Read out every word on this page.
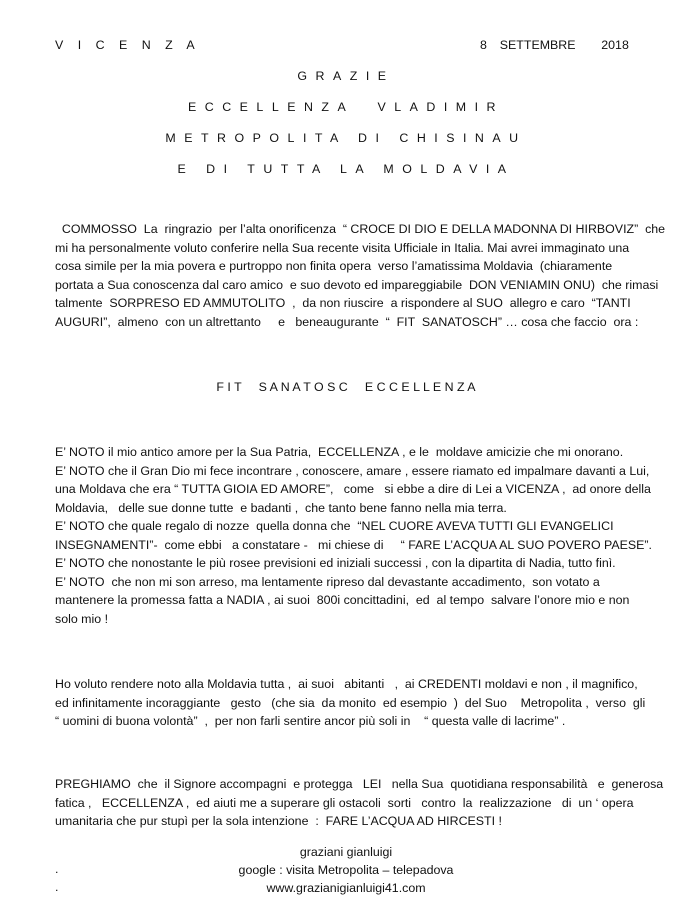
V I C E N Z A	8  SETTEMBRE    2018
GRAZIE
ECCELLENZA  VLADIMIR
METROPOLITA DI CHISINAU
E DI TUTTA LA MOLDAVIA
COMMOSSO  La  ringrazio  per l’alta onorificenza  “ CROCE DI DIO E DELLA MADONNA DI HIRBOVIZ”  che
mi ha personalmente voluto conferire nella Sua recente visita Ufficiale in Italia. Mai avrei immaginato una
cosa simile per la mia povera e purtroppo non finita opera  verso l’amatissima Moldavia  (chiaramente
portata a Sua conoscenza dal caro amico  e suo devoto ed impareggiabile  DON VENIAMIN ONU)  che rimasi
talmente  SORPRESO ED AMMUTOLITO  ,  da non riuscire  a rispondere al SUO  allegro e caro  “TANTI
AUGURI”,  almeno  con un altrettanto     e   beneaugurante  “  FIT  SANATOSCH” … cosa che faccio  ora :
F I T     S A N A T O S C     E C C E L L E N Z A
E’ NOTO il mio antico amore per la Sua Patria,  ECCELLENZA , e le  moldave amicizie che mi onorano.
E’ NOTO che il Gran Dio mi fece incontrare , conoscere, amare , essere riamato ed impalmare davanti a Lui,
una Moldava che era “ TUTTA GIOIA ED AMORE”,   come   si ebbe a dire di Lei a VICENZA ,  ad onore della
Moldavia,   delle sue donne tutte  e badanti ,  che tanto bene fanno nella mia terra.
E’ NOTO che quale regalo di nozze  quella donna che  “NEL CUORE AVEVA TUTTI GLI EVANGELICI
INSEGNAMENTI”-  come ebbi   a constatare -   mi chiese di     “ FARE L’ACQUA AL SUO POVERO PAESE”.
E’ NOTO che nonostante le più rosee previsioni ed iniziali successi , con la dipartita di Nadia, tutto finì.
E’ NOTO  che non mi son arreso, ma lentamente ripreso dal devastante accadimento,  son votato a
mantenere la promessa fatta a NADIA , ai suoi  800i concittadini,  ed  al tempo  salvare l’onore mio e non
solo mio !
Ho voluto rendere noto alla Moldavia tutta ,  ai suoi   abitanti   ,  ai CREDENTI moldavi e non , il magnifico,
ed infinitamente incoraggiante   gesto   (che sia  da monito  ed esempio  )  del Suo    Metropolita ,  verso  gli
“ uomini di buona volontà”  ,  per non farli sentire ancor più soli in    “ questa valle di lacrime” .
PREGHIAMO  che  il Signore accompagni  e protegga   LEI   nella Sua  quotidiana responsabilità   e  generosa
fatica ,   ECCELLENZA ,  ed aiuti me a superare gli ostacoli  sorti   contro  la  realizzazione   di  un ‘ opera
umanitaria che pur stupì per la sola intenzione  :  FARE L’ACQUA AD HIRCESTI !
graziani gianluigi
.	google : visita Metropolita – telepadova
.	www.grazianigianluigi41.com
